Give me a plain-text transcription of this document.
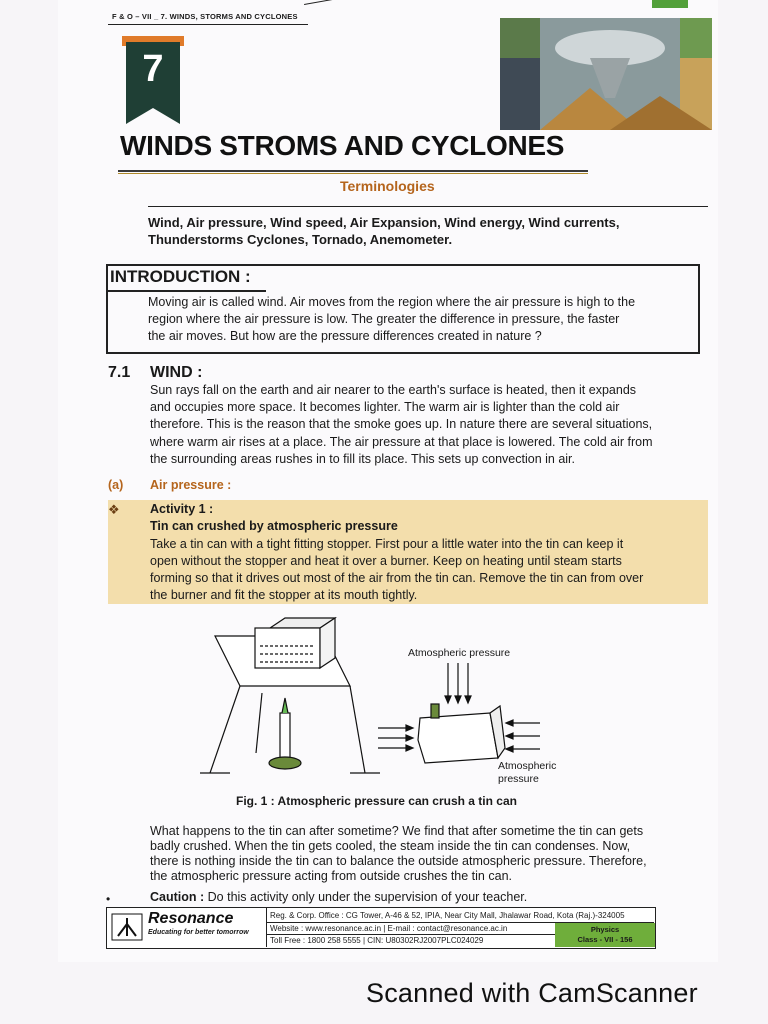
F & O – VII _ 7. WINDS, STORMS AND CYCLONES
7
WINDS STROMS AND CYCLONES
Terminologies
Wind, Air pressure, Wind speed, Air Expansion, Wind energy, Wind currents,
Thunderstorms Cyclones, Tornado, Anemometer.
INTRODUCTION :
Moving air is called wind. Air moves from the region where the air pressure is high to the
region where the air pressure is low. The greater the difference in pressure, the faster
the air moves. But how are the pressure differences created in nature ?
7.1 WIND :
Sun rays fall on the earth and air nearer to the earth's surface is heated, then it expands
and occupies more space. It becomes lighter. The warm air is lighter than the cold air
therefore. This is the reason that the smoke goes up. In nature there are several situations,
where warm air rises at a place. The air pressure at that place is lowered. The cold air from
the surrounding areas rushes in to fill its place. This sets up convection in air.
(a) Air pressure :
❖ Activity 1 :
Tin can crushed by atmospheric pressure
Take a tin can with a tight fitting stopper. First pour a little water into the tin can keep it
open without the stopper and heat it over a burner. Keep on heating until steam starts
forming so that it drives out most of the air from the tin can. Remove the tin can from over
the burner and fit the stopper at its mouth tightly.
Atmospheric pressure
Atmospheric
pressure
Fig. 1 : Atmospheric pressure can crush a tin can
What happens to the tin can after sometime? We find that after sometime the tin can gets
badly crushed. When the tin gets cooled, the steam inside the tin can condenses. Now,
there is nothing inside the tin can to balance the outside atmospheric pressure. Therefore,
the atmospheric pressure acting from outside crushes the tin can.
•	Caution : Do this activity only under the supervision of your teacher.
Resonance
Educating for better tomorrow
Reg. & Corp. Office : CG Tower, A-46 & 52, IPIA, Near City Mall, Jhalawar Road, Kota (Raj.)-324005
Website : www.resonance.ac.in | E-mail : contact@resonance.ac.in
Toll Free : 1800 258 5555 | CIN: U80302RJ2007PLC024029
Physics
Class - VII - 156
Scanned with CamScanner
